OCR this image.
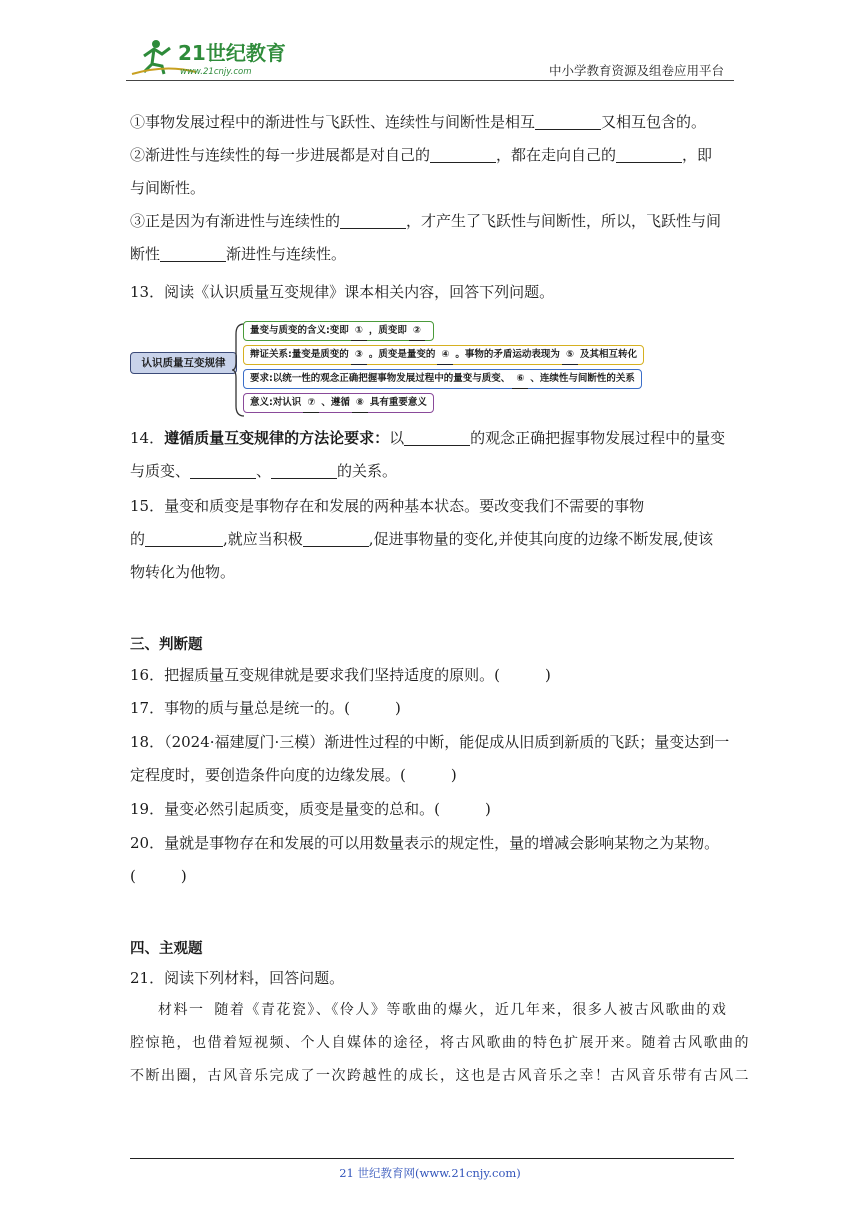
21世纪教育
www.21cnjy.com	中小学教育资源及组卷应用平台
①事物发展过程中的渐进性与飞跃性、连续性与间断性是相互	又相互包含的。
②渐进性与连续性的每一步进展都是对自己的	，都在走向自己的	，即
与间断性。
③正是因为有渐进性与连续性的	，才产生了飞跃性与间断性，所以，飞跃性与间
断性	渐进性与连续性。
13．阅读《认识质量互变规律》课本相关内容，回答下列问题。
认识质量互变规律
量变与质变的含义:变即 ① ，质变即 ②
辩证关系:量变是质变的 ③ 。质变是量变的 ④ 。事物的矛盾运动表现为 ⑤ 及其相互转化
要求:以统一性的观念正确把握事物发展过程中的量变与质变、 ⑥ 、连续性与间断性的关系
意义:对认识 ⑦ 、遵循 ⑧ 具有重要意义
14．遵循质量互变规律的方法论要求：以	的观念正确把握事物发展过程中的量变
与质变、	、	的关系。
15．量变和质变是事物存在和发展的两种基本状态。要改变我们不需要的事物
的	,就应当积极	,促进事物量的变化,并使其向度的边缘不断发展,使该
物转化为他物。
三、判断题
16．把握质量互变规律就是要求我们坚持适度的原则。(　　　)
17．事物的质与量总是统一的。(　　　)
18．（2024·福建厦门·三模）渐进性过程的中断，能促成从旧质到新质的飞跃；量变达到一
定程度时，要创造条件向度的边缘发展。(　　　)
19．量变必然引起质变，质变是量变的总和。(　　　)
20．量就是事物存在和发展的可以用数量表示的规定性，量的增减会影响某物之为某物。
(　　　)
四、主观题
21．阅读下列材料，回答问题。
材料一 随着《青花瓷》、《伶人》等歌曲的爆火，近几年来，很多人被古风歌曲的戏
腔惊艳，也借着短视频、个人自媒体的途径，将古风歌曲的特色扩展开来。随着古风歌曲的
不断出圈，古风音乐完成了一次跨越性的成长，这也是古风音乐之幸！古风音乐带有古风二
21 世纪教育网(www.21cnjy.com)
